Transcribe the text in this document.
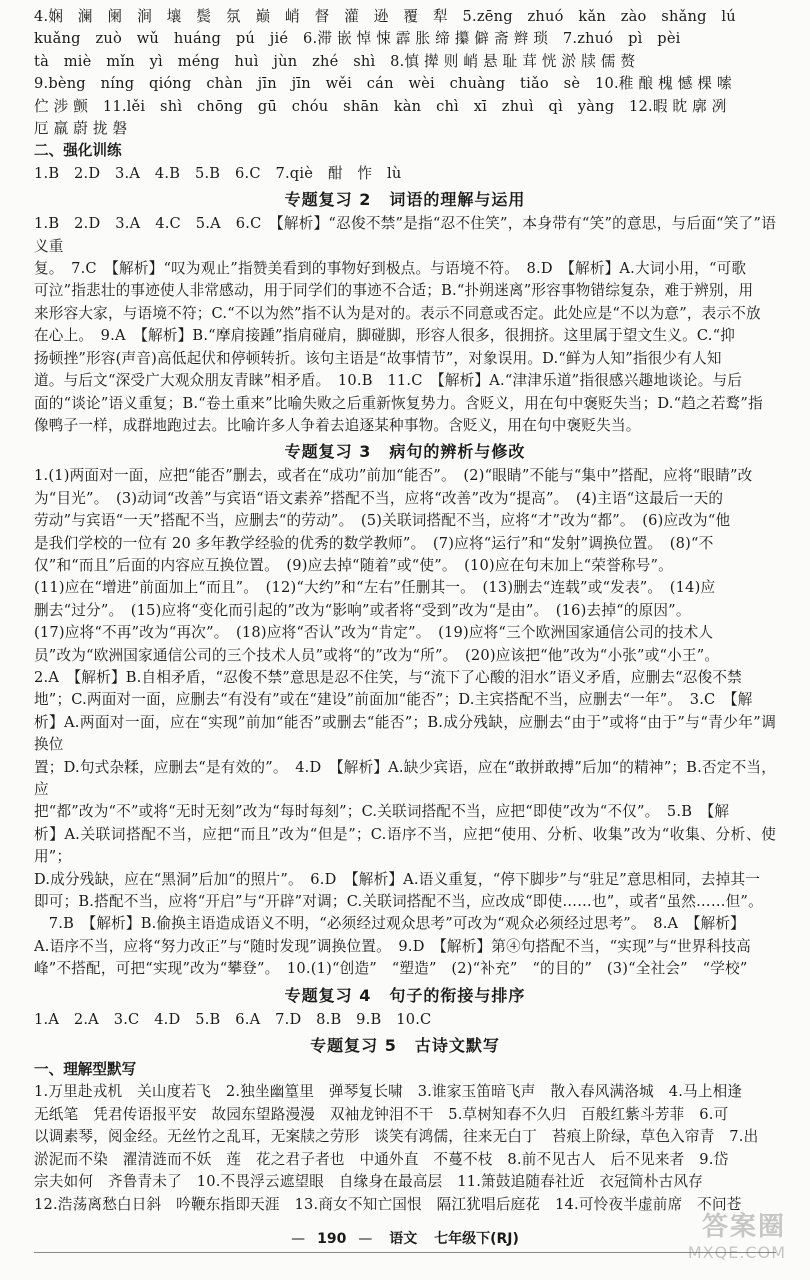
4.娴　澜　阑　涧　壤　鬓　氛　巅　峭　督　灌　逊　覆　犁　5.zēng　zhuó　kǎn　zào　shǎng　lú

kuǎng　zuò　wǔ　huáng　pú　jié　6.滞 嵌 悼 悚 霹 胀 缔 攥 僻 斋 辫 琐　7.zhuó　pì　pèi

tà　miè　mǐn　yì　méng　huì　jùn　zhé　shì　8.慎 撵 则 峭 悬 耻 茸 恍 淤 牍 儒 赘

9.bèng　níng　qióng　chàn　jīn　jīn　wěi　cán　wèi　chuàng　tiǎo　sè　10.稚 酿 槐 憾 棵 嗦

伫 涉 颤　11.lěi　shì　chōng　gū　chóu　shān　kàn　chì　xī　zhuì　qì　yàng　12.暇 眈 廓 冽

厄 羸 蔚 拢 磐

二、强化训练

1.B　2.D　3.A　4.B　5.B　6.C　7.qiè　酣　怍　lù

专题复习 2 词语的理解与运用

1.B　2.D　3.A　4.C　5.A　6.C　【解析】“忍俊不禁”是指“忍不住笑”，本身带有“笑”的意思，与后面“笑了”语义重

复。　7.C　【解析】“叹为观止”指赞美看到的事物好到极点。与语境不符。　8.D　【解析】A.大词小用，“可歌

可泣”指悲壮的事迹使人非常感动，用于同学们的事迹不合适；B.“扑朔迷离”形容事物错综复杂，难于辨别，用

来形容大家，与语境不符；C.“不以为然”指不认为是对的。表示不同意或否定。此处应是“不以为意”，表示不放

在心上。　9.A　【解析】B.“摩肩接踵”指肩碰肩，脚碰脚，形容人很多，很拥挤。这里属于望文生义。C.“抑

扬顿挫”形容(声音)高低起伏和停顿转折。该句主语是“故事情节”，对象误用。D.“鲜为人知”指很少有人知

道。与后文“深受广大观众朋友青睐”相矛盾。　10.B　11.C　【解析】A.“津津乐道”指很感兴趣地谈论。与后

面的“谈论”语义重复；B.“卷土重来”比喻失败之后重新恢复势力。含贬义，用在句中褒贬失当；D.“趋之若鹜”指

像鸭子一样，成群地跑过去。比喻许多人争着去追逐某种事物。含贬义，用在句中褒贬失当。

专题复习 3 病句的辨析与修改

1.(1)两面对一面，应把“能否”删去，或者在“成功”前加“能否”。　(2)“眼睛”不能与“集中”搭配，应将“眼睛”改

为“目光”。　(3)动词“改善”与宾语“语文素养”搭配不当，应将“改善”改为“提高”。　(4)主语“这最后一天的

劳动”与宾语“一天”搭配不当，应删去“的劳动”。　(5)关联词搭配不当，应将“才”改为“都”。　(6)应改为“他

是我们学校的一位有 20 多年教学经验的优秀的数学教师”。　(7)应将“运行”和“发射”调换位置。　(8)“不

仅”和“而且”后面的内容应互换位置。　(9)应去掉“随着”或“使”。　(10)应在句末加上“荣誉称号”。

(11)应在“增进”前面加上“而且”。　(12)“大约”和“左右”任删其一。　(13)删去“连载”或“发表”。　(14)应

删去“过分”。　(15)应将“变化而引起的”改为“影响”或者将“受到”改为“是由”。　(16)去掉“的原因”。

(17)应将“不再”改为“再次”。　(18)应将“否认”改为“肯定”。　(19)应将“三个欧洲国家通信公司的技术人

员”改为“欧洲国家通信公司的三个技术人员”或将“的”改为“所”。　(20)应该把“他”改为“小张”或“小王”。

2.A　【解析】B.自相矛盾，“忍俊不禁”意思是忍不住笑，与“流下了心酸的泪水”语义矛盾，应删去“忍俊不禁

地”；C.两面对一面，应删去“有没有”或在“建设”前面加“能否”；D.主宾搭配不当，应删去“一年”。　3.C　【解

析】A.两面对一面，应在“实现”前加“能否”或删去“能否”；B.成分残缺，应删去“由于”或将“由于”与“青少年”调换位

置；D.句式杂糅，应删去“是有效的”。　4.D　【解析】A.缺少宾语，应在“敢拼敢搏”后加“的精神”；B.否定不当，应

把“都”改为“不”或将“无时无刻”改为“每时每刻”；C.关联词搭配不当，应把“即使”改为“不仅”。　5.B　【解

析】A.关联词搭配不当，应把“而且”改为“但是”；C.语序不当，应把“使用、分析、收集”改为“收集、分析、使用”；

D.成分残缺，应在“黑洞”后加“的照片”。　6.D　【解析】A.语义重复，“停下脚步”与“驻足”意思相同，去掉其一

即可；B.搭配不当，应将“开启”与“开辟”对调；C.关联词搭配不当，应改成“即使……也”，或者“虽然……但”。

　7.B　【解析】B.偷换主语造成语义不明，“必须经过观众思考”可改为“观众必须经过思考”。　8.A　【解析】

A.语序不当，应将“努力改正”与“随时发现”调换位置。　9.D　【解析】第④句搭配不当，“实现”与“世界科技高

峰”不搭配，可把“实现”改为“攀登”。　10.(1)“创造”　“塑造”　(2)“补充”　“的目的”　(3)“全社会”　“学校”

专题复习 4 句子的衔接与排序

1.A　2.A　3.C　4.D　5.B　6.A　7.D　8.B　9.B　10.C

专题复习 5 古诗文默写

一、理解型默写

1.万里赴戎机　关山度若飞　2.独坐幽篁里　弹琴复长啸　3.谁家玉笛暗飞声　散入春风满洛城　4.马上相逢

无纸笔　凭君传语报平安　故园东望路漫漫　双袖龙钟泪不干　5.草树知春不久归　百般红紫斗芳菲　6.可

以调素琴，阅金经。无丝竹之乱耳，无案牍之劳形　谈笑有鸿儒，往来无白丁　苔痕上阶绿，草色入帘青　7.出

淤泥而不染　濯清涟而不妖　莲　花之君子者也　中通外直　不蔓不枝　8.前不见古人　后不见来者　9.岱

宗夫如何　齐鲁青未了　10.不畏浮云遮望眼　自缘身在最高层　11.箫鼓追随春社近　衣冠简朴古风存

12.浩荡离愁白日斜　吟鞭东指即天涯　13.商女不知亡国恨　隔江犹唱后庭花　14.可怜夜半虚前席　不问苍

— 190 — 语文 七年级下(RJ)	答案圈
MXQE.COM
